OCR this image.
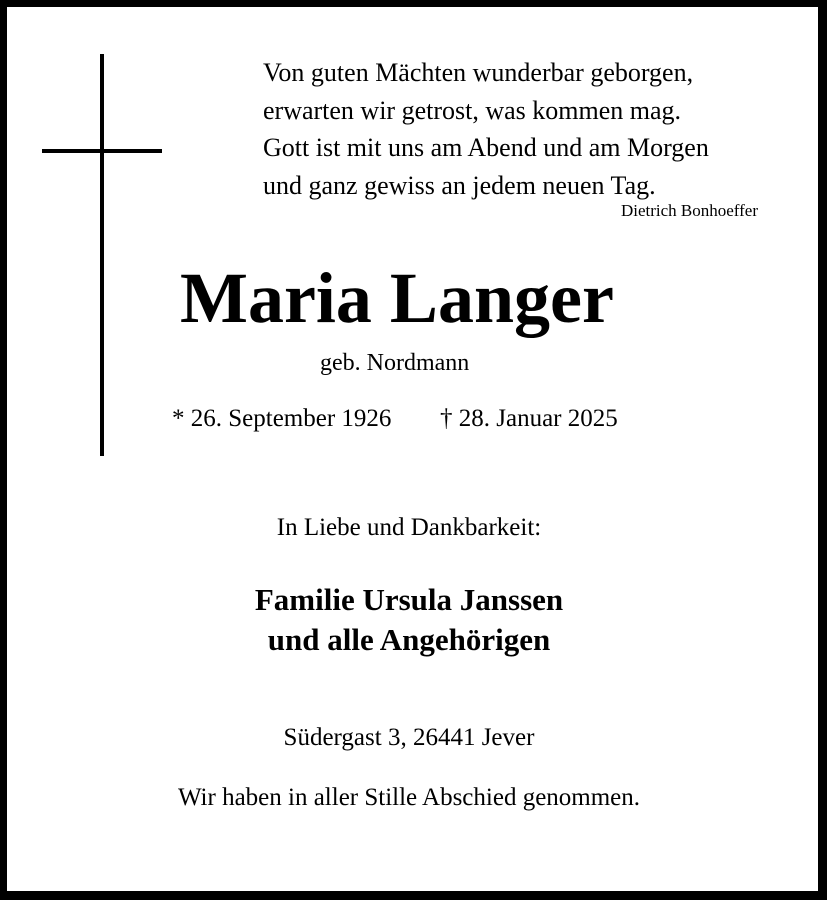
Von guten Mächten wunderbar geborgen,
erwarten wir getrost, was kommen mag.
Gott ist mit uns am Abend und am Morgen
und ganz gewiss an jedem neuen Tag.
Dietrich Bonhoeffer
Maria Langer
geb. Nordmann
* 26. September 1926 † 28. Januar 2025
In Liebe und Dankbarkeit:
Familie Ursula Janssen
und alle Angehörigen
Südergast 3, 26441 Jever
Wir haben in aller Stille Abschied genommen.
